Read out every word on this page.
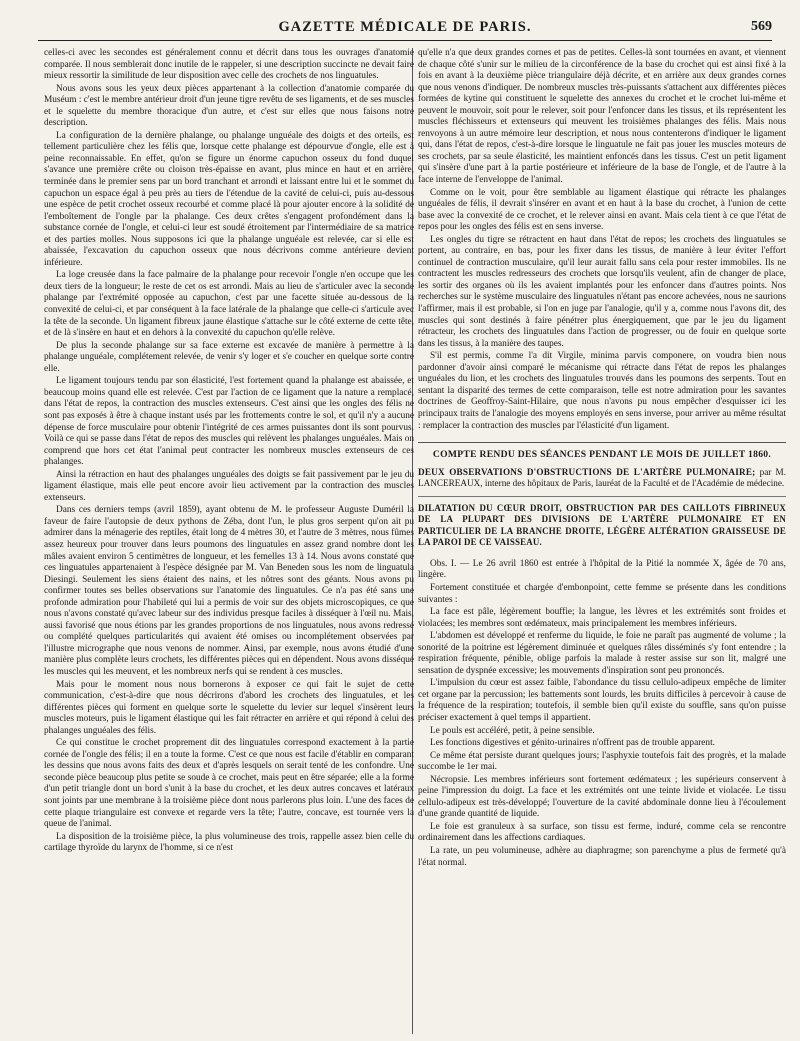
GAZETTE MÉDICALE DE PARIS.	569

celles-ci avec les secondes est généralement connu et décrit dans tous les ouvrages d'anatomie comparée. Il nous semblerait donc inutile de le rappeler, si une description succincte ne devait faire mieux ressortir la similitude de leur disposition avec celle des crochets de nos linguatules.

Nous avons sous les yeux deux pièces appartenant à la collection d'anatomie comparée du Muséum : c'est le membre antérieur droit d'un jeune tigre revêtu de ses ligaments, et de ses muscles et le squelette du membre thoracique d'un autre, et c'est sur elles que nous faisons notre description.

La configuration de la dernière phalange, ou phalange unguéale des doigts et des orteils, est tellement particulière chez les félis que, lorsque cette phalange est dépourvue d'ongle, elle est à peine reconnaissable. En effet, qu'on se figure un énorme capuchon osseux du fond duquel s'avance une première crête ou cloison très-épaisse en avant, plus mince en haut et en arrière, terminée dans le premier sens par un bord tranchant et arrondi et laissant entre lui et le sommet du capuchon un espace égal à peu près au tiers de l'étendue de la cavité de celui-ci, puis au-dessous une espèce de petit crochet osseux recourbé et comme placé là pour ajouter encore à la solidité de l'emboîtement de l'ongle par la phalange. Ces deux crêtes s'engagent profondément dans la substance cornée de l'ongle, et celui-ci leur est soudé étroitement par l'intermédiaire de sa matrice et des parties molles. Nous supposons ici que la phalange unguéale est relevée, car si elle est abaissée, l'excavation du capuchon osseux que nous décrivons comme antérieure devient inférieure.

La loge creusée dans la face palmaire de la phalange pour recevoir l'ongle n'en occupe que les deux tiers de la longueur; le reste de cet os est arrondi. Mais au lieu de s'articuler avec la seconde phalange par l'extrémité opposée au capuchon, c'est par une facette située au-dessous de la convexité de celui-ci, et par conséquent à la face latérale de la phalange que celle-ci s'articule avec la tête de la seconde. Un ligament fibreux jaune élastique s'attache sur le côté externe de cette tête, et de là s'insère en haut et en dehors à la convexité du capuchon qu'elle relève.

De plus la seconde phalange sur sa face externe est excavée de manière à permettre à la phalange unguéale, complétement relevée, de venir s'y loger et s'e coucher en quelque sorte contre elle.

Le ligament toujours tendu par son élasticité, l'est fortement quand la phalange est abaissée, et beaucoup moins quand elle est relevée. C'est par l'action de ce ligament que la nature a remplacé, dans l'état de repos, la contraction des muscles extenseurs. C'est ainsi que les ongles des félis ne sont pas exposés à être à chaque instant usés par les frottements contre le sol, et qu'il n'y a aucune dépense de force musculaire pour obtenir l'intégrité de ces armes puissantes dont ils sont pourvus. Voilà ce qui se passe dans l'état de repos des muscles qui relèvent les phalanges unguéales. Mais on comprend que hors cet état l'animal peut contracter les nombreux muscles extenseurs de ces phalanges.

Ainsi la rétraction en haut des phalanges unguéales des doigts se fait passivement par le jeu du ligament élastique, mais elle peut encore avoir lieu activement par la contraction des muscles extenseurs.

Dans ces derniers temps (avril 1859), ayant obtenu de M. le professeur Auguste Duméril la faveur de faire l'autopsie de deux pythons de Zéba, dont l'un, le plus gros serpent qu'on ait pu admirer dans la ménagerie des reptiles, était long de 4 mètres 30, et l'autre de 3 mètres, nous fûmes assez heureux pour trouver dans leurs poumons des linguatules en assez grand nombre dont les mâles avaient environ 5 centimètres de longueur, et les femelles 13 à 14. Nous avons constaté que ces linguatules appartenaient à l'espèce désignée par M. Van Beneden sous les nom de linguatula Diesingi. Seulement les siens étaient des nains, et les nôtres sont des géants. Nous avons pu confirmer toutes ses belles observations sur l'anatomie des linguatules. Ce n'a pas été sans une profonde admiration pour l'habileté qui lui a permis de voir sur des objets microscopiques, ce que nous n'avons constaté qu'avec labeur sur des individus presque faciles à disséquer à l'œil nu. Mais, aussi favorisé que nous étions par les grandes proportions de nos linguatules, nous avons redressé ou complété quelques particularités qui avaient été omises ou incomplétement observées par l'illustre micrographe que nous venons de nommer. Ainsi, par exemple, nous avons étudié d'une manière plus complète leurs crochets, les différentes pièces qui en dépendent. Nous avons disséqué les muscles qui les meuvent, et les nombreux nerfs qui se rendent à ces muscles.

Mais pour le moment nous nous bornerons à exposer ce qui fait le sujet de cette communication, c'est-à-dire que nous décrirons d'abord les crochets des linguatules, et les différentes pièces qui forment en quelque sorte le squelette du levier sur lequel s'insèrent leurs muscles moteurs, puis le ligament élastique qui les fait rétracter en arrière et qui répond à celui des phalanges unguéales des félis.

Ce qui constitue le crochet proprement dit des linguatules correspond exactement à la partie cornée de l'ongle des félis; il en a toute la forme. C'est ce que nous est facile d'établir en comparant les dessins que nous avons faits des deux et d'après lesquels on serait tenté de les confondre. Une seconde pièce beaucoup plus petite se soude à ce crochet, mais peut en être séparée; elle a la forme d'un petit triangle dont un bord s'unit à la base du crochet, et les deux autres concaves et latéraux sont joints par une membrane à la troisième pièce dont nous parlerons plus loin. L'une des faces de cette plaque triangulaire est convexe et regarde vers la tête; l'autre, concave, est tournée vers la queue de l'animal.

La disposition de la troisième pièce, la plus volumineuse des trois, rappelle assez bien celle du cartilage thyroïde du larynx de l'homme, si ce n'est

qu'elle n'a que deux grandes cornes et pas de petites. Celles-là sont tournées en avant, et viennent de chaque côté s'unir sur le milieu de la circonférence de la base du crochet qui est ainsi fixé à la fois en avant à la deuxième pièce triangulaire déjà décrite, et en arrière aux deux grandes cornes que nous venons d'indiquer. De nombreux muscles très-puissants s'attachent aux différentes pièces formées de kytine qui constituent le squelette des annexes du crochet et le crochet lui-même et peuvent le mouvoir, soit pour le relever, soit pour l'enfoncer dans les tissus, et ils représentent les muscles fléchisseurs et extenseurs qui meuvent les troisièmes phalanges des félis. Mais nous renvoyons à un autre mémoire leur description, et nous nous contenterons d'indiquer le ligament qui, dans l'état de repos, c'est-à-dire lorsque le linguatule ne fait pas jouer les muscles moteurs de ses crochets, par sa seule élasticité, les maintient enfoncés dans les tissus. C'est un petit ligament qui s'insère d'une part à la partie postérieure et inférieure de la base de l'ongle, et de l'autre à la face interne de l'enveloppe de l'animal.

Comme on le voit, pour être semblable au ligament élastique qui rétracte les phalanges unguéales de félis, il devrait s'insérer en avant et en haut à la base du crochet, à l'union de cette base avec la convexité de ce crochet, et le relever ainsi en avant. Mais cela tient à ce que l'état de repos pour les ongles des félis est en sens inverse.

Les ongles du tigre se rétractent en haut dans l'état de repos; les crochets des linguatules se portent, au contraire, en bas, pour les fixer dans les tissus, de manière à leur éviter l'effort continuel de contraction musculaire, qu'il leur aurait fallu sans cela pour rester immobiles. Ils ne contractent les muscles redresseurs des crochets que lorsqu'ils veulent, afin de changer de place, les sortir des organes où ils les avaient implantés pour les enfoncer dans d'autres points. Nos recherches sur le système musculaire des linguatules n'étant pas encore achevées, nous ne saurions l'affirmer, mais il est probable, si l'on en juge par l'analogie, qu'il y a, comme nous l'avons dit, des muscles qui sont destinés à faire pénétrer plus énergiquement, que par le jeu du ligament rétracteur, les crochets des linguatules dans l'action de progresser, ou de fouir en quelque sorte dans les tissus, à la manière des taupes.

S'il est permis, comme l'a dit Virgile, minima parvis componere, on voudra bien nous pardonner d'avoir ainsi comparé le mécanisme qui rétracte dans l'état de repos les phalanges unguéales du lion, et les crochets des linguatules trouvés dans les poumons des serpents. Tout en sentant la disparité des termes de cette comparaison, telle est notre admiration pour les savantes doctrines de Geoffroy-Saint-Hilaire, que nous n'avons pu nous empêcher d'esquisser ici les principaux traits de l'analogie des moyens employés en sens inverse, pour arriver au même résultat : remplacer la contraction des muscles par l'élasticité d'un ligament.

COMPTE RENDU DES SÉANCES PENDANT LE MOIS DE JUILLET 1860.

DEUX OBSERVATIONS D'OBSTRUCTIONS DE L'ARTÈRE PULMONAIRE; par M. LANCEREAUX, interne des hôpitaux de Paris, lauréat de la Faculté et de l'Académie de médecine.

DILATATION DU CŒUR DROIT, OBSTRUCTION PAR DES CAILLOTS FIBRINEUX DE LA PLUPART DES DIVISIONS DE L'ARTÈRE PULMONAIRE ET EN PARTICULIER DE LA BRANCHE DROITE, LÉGÈRE ALTÉRATION GRAISSEUSE DE LA PAROI DE CE VAISSEAU.

Obs. I. — Le 26 avril 1860 est entrée à l'hôpital de la Pitié la nommée X, âgée de 70 ans, lingère.

Fortement constituée et chargée d'embonpoint, cette femme se présente dans les conditions suivantes :

La face est pâle, légèrement bouffie; la langue, les lèvres et les extrémités sont froides et violacées; les membres sont œdémateux, mais principalement les membres inférieurs.

L'abdomen est développé et renferme du liquide, le foie ne paraît pas augmenté de volume ; la sonorité de la poitrine est légèrement diminuée et quelques râles disséminés s'y font entendre ; la respiration fréquente, pénible, oblige parfois la malade à rester assise sur son lit, malgré une sensation de dyspnée excessive; les mouvements d'inspiration sont peu prononcés.

L'impulsion du cœur est assez faible, l'abondance du tissu cellulo-adipeux empêche de limiter cet organe par la percussion; les battements sont lourds, les bruits difficiles à percevoir à cause de la fréquence de la respiration; toutefois, il semble bien qu'il existe du souffle, sans qu'on puisse préciser exactement à quel temps il appartient.

Le pouls est accéléré, petit, à peine sensible.

Les fonctions digestives et génito-urinaires n'offrent pas de trouble apparent.

Ce même état persiste durant quelques jours; l'asphyxie toutefois fait des progrès, et la malade succombe le 1er mai.

Nécropsie. Les membres inférieurs sont fortement œdémateux ; les supérieurs conservent à peine l'impression du doigt. La face et les extrémités ont une teinte livide et violacée. Le tissu cellulo-adipeux est très-développé; l'ouverture de la cavité abdominale donne lieu à l'écoulement d'une grande quantité de liquide.

Le foie est granuleux à sa surface, son tissu est ferme, induré, comme cela se rencontre ordinairement dans les affections cardiaques.

La rate, un peu volumineuse, adhère au diaphragme; son parenchyme a plus de fermeté qu'à l'état normal.
